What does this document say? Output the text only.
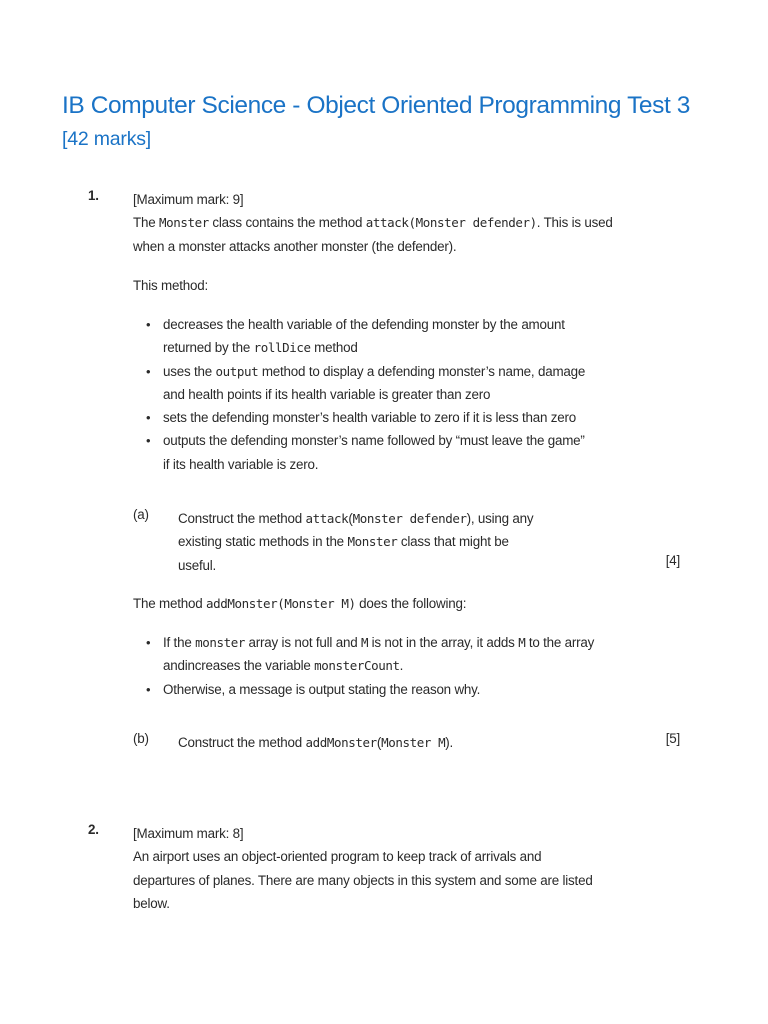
IB Computer Science - Object Oriented Programming Test 3
[42 marks]
1.	[Maximum mark: 9]
The Monster class contains the method attack(Monster defender). This is used
when a monster attacks another monster (the defender).
This method:
• decreases the health variable of the defending monster by the amount
returned by the rollDice method
• uses the output method to display a defending monster’s name, damage
and health points if its health variable is greater than zero
• sets the defending monster’s health variable to zero if it is less than zero
• outputs the defending monster’s name followed by “must leave the game”
if its health variable is zero.
(a) Construct the method attack(Monster defender), using any
existing static methods in the Monster class that might be
useful.	[4]
The method addMonster(Monster M) does the following:
• If the monster array is not full and M is not in the array, it adds M to the array
andincreases the variable monsterCount.
• Otherwise, a message is output stating the reason why.
(b) Construct the method addMonster(Monster M).	[5]
2.	[Maximum mark: 8]
An airport uses an object-oriented program to keep track of arrivals and
departures of planes. There are many objects in this system and some are listed
below.
